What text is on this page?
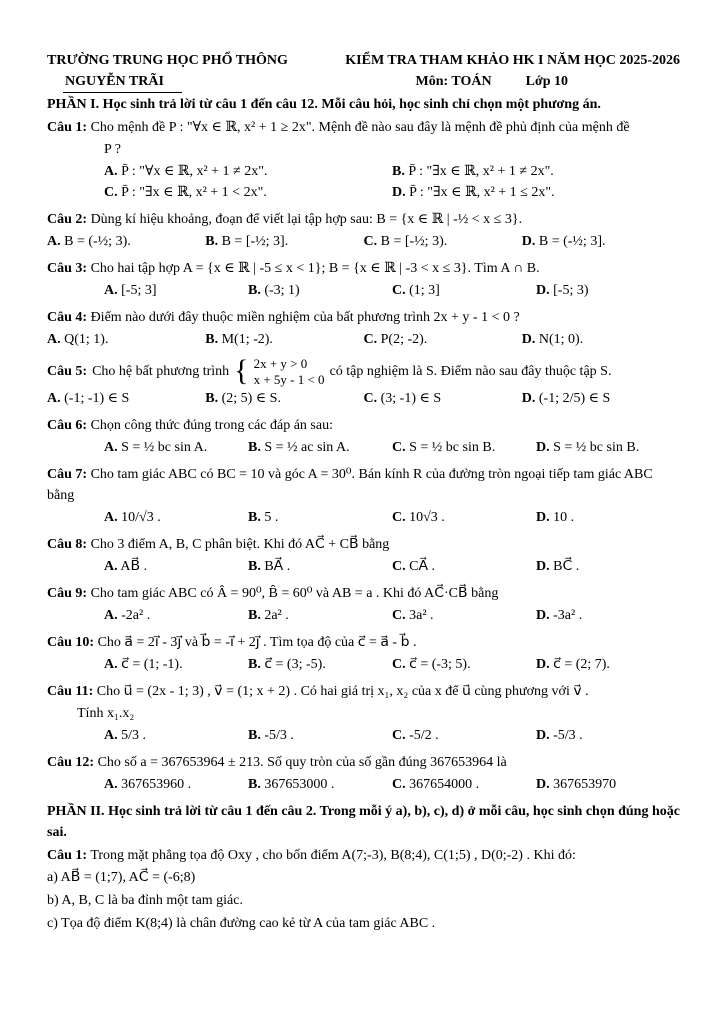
TRƯỜNG TRUNG HỌC PHỔ THÔNG	KIỂM TRA THAM KHẢO HK I NĂM HỌC 2025-2026
NGUYỄN TRÃI	Môn: TOÁN Lớp 10

PHẦN I. Học sinh trả lời từ câu 1 đến câu 12. Mỗi câu hỏi, học sinh chỉ chọn một phương án.

Câu 1: Cho mệnh đề P : "∀x ∈ ℝ, x² + 1 ≥ 2x". Mệnh đề nào sau đây là mệnh đề phủ định của mệnh đề

P ?

A. P̄ : "∀x ∈ ℝ, x² + 1 ≠ 2x".	B. P̄ : "∃x ∈ ℝ, x² + 1 ≠ 2x".
C. P̄ : "∃x ∈ ℝ, x² + 1 < 2x".	D. P̄ : "∃x ∈ ℝ, x² + 1 ≤ 2x".

Câu 2: Dùng kí hiệu khoảng, đoạn để viết lại tập hợp sau: B = {x ∈ ℝ | -½ < x ≤ 3}.

A. B = (-½; 3).	B. B = [-½; 3].	C. B = [-½; 3).	D. B = (-½; 3].

Câu 3: Cho hai tập hợp A = {x ∈ ℝ | -5 ≤ x < 1}; B = {x ∈ ℝ | -3 < x ≤ 3}. Tìm A ∩ B.

A. [-5; 3]	B. (-3; 1)	C. (1; 3]	D. [-5; 3)

Câu 4: Điểm nào dưới đây thuộc miền nghiệm của bất phương trình 2x + y - 1 < 0 ?

A. Q(1; 1).	B. M(1; -2).	C. P(2; -2).	D. N(1; 0).
Câu 5: Cho hệ bất phương trình { 2x + y > 0
x + 5y - 1 < 0 có tập nghiệm là S. Điểm nào sau đây thuộc tập S.
A. (-1; -1) ∈ S	B. (2; 5) ∈ S.	C. (3; -1) ∈ S	D. (-1; 2/5) ∈ S

Câu 6: Chọn công thức đúng trong các đáp án sau:

A. S = ½ bc sin A.	B. S = ½ ac sin A.	C. S = ½ bc sin B.	D. S = ½ bc sin B.

Câu 7: Cho tam giác ABC có BC = 10 và góc A = 30⁰. Bán kính R của đường tròn ngoại tiếp tam giác ABC bằng

A. 10/√3 .	B. 5 .	C. 10√3 .	D. 10 .

Câu 8: Cho 3 điểm A, B, C phân biệt. Khi đó AC⃗ + CB⃗ bằng

A. AB⃗ .	B. BA⃗ .	C. CA⃗ .	D. BC⃗ .

Câu 9: Cho tam giác ABC có Â = 90⁰, B̂ = 60⁰ và AB = a . Khi đó AC⃗·CB⃗ bằng

A. -2a² .	B. 2a² .	C. 3a² .	D. -3a² .

Câu 10: Cho a⃗ = 2i⃗ - 3j⃗ và b⃗ = -i⃗ + 2j⃗ . Tìm tọa độ của c⃗ = a⃗ - b⃗ .

A. c⃗ = (1; -1).	B. c⃗ = (3; -5).	C. c⃗ = (-3; 5).	D. c⃗ = (2; 7).

Câu 11: Cho u⃗ = (2x - 1; 3) , v⃗ = (1; x + 2) . Có hai giá trị x₁, x₂ của x để u⃗ cùng phương với v⃗ .

Tính x₁.x₂

A. 5/3 .	B. -5/3 .	C. -5/2 .	D. -5/3 .

Câu 12: Cho số a = 367653964 ± 213. Số quy tròn của số gần đúng 367653964 là

A. 367653960 .	B. 367653000 .	C. 367654000 .	D. 367653970

PHẦN II. Học sinh trả lời từ câu 1 đến câu 2. Trong mỗi ý a), b), c), d) ở mỗi câu, học sinh chọn đúng hoặc sai.

Câu 1: Trong mặt phẳng tọa độ Oxy , cho bốn điểm A(7;-3), B(8;4), C(1;5) , D(0;-2) . Khi đó:

a) AB⃗ = (1;7), AC⃗ = (-6;8)

b) A, B, C là ba đỉnh một tam giác.

c) Tọa độ điểm K(8;4) là chân đường cao kẻ từ A của tam giác ABC .
